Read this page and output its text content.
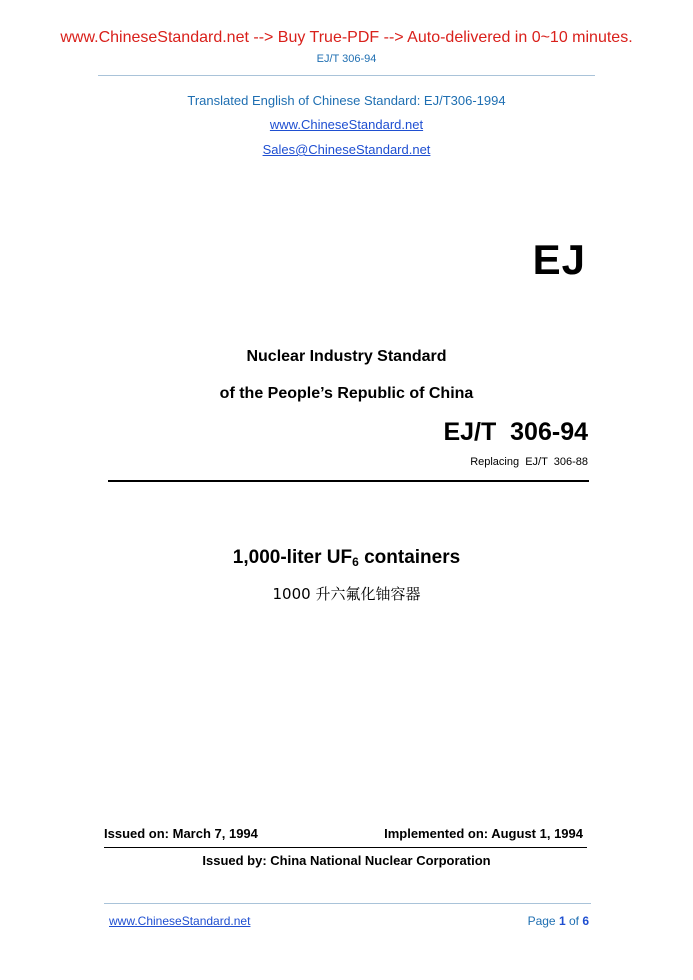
www.ChineseStandard.net --> Buy True-PDF --> Auto-delivered in 0~10 minutes.
EJ/T 306-94
Translated English of Chinese Standard: EJ/T306-1994
www.ChineseStandard.net
Sales@ChineseStandard.net
EJ
Nuclear Industry Standard
of the People’s Republic of China
EJ/T  306-94
Replacing  EJ/T  306-88
1,000-liter $UF_6$ containers
1000 升六氟化铀容器
Issued on: March 7, 1994	Implemented on: August 1, 1994
Issued by: China National Nuclear Corporation
www.ChineseStandard.net	Page 1 of 6
